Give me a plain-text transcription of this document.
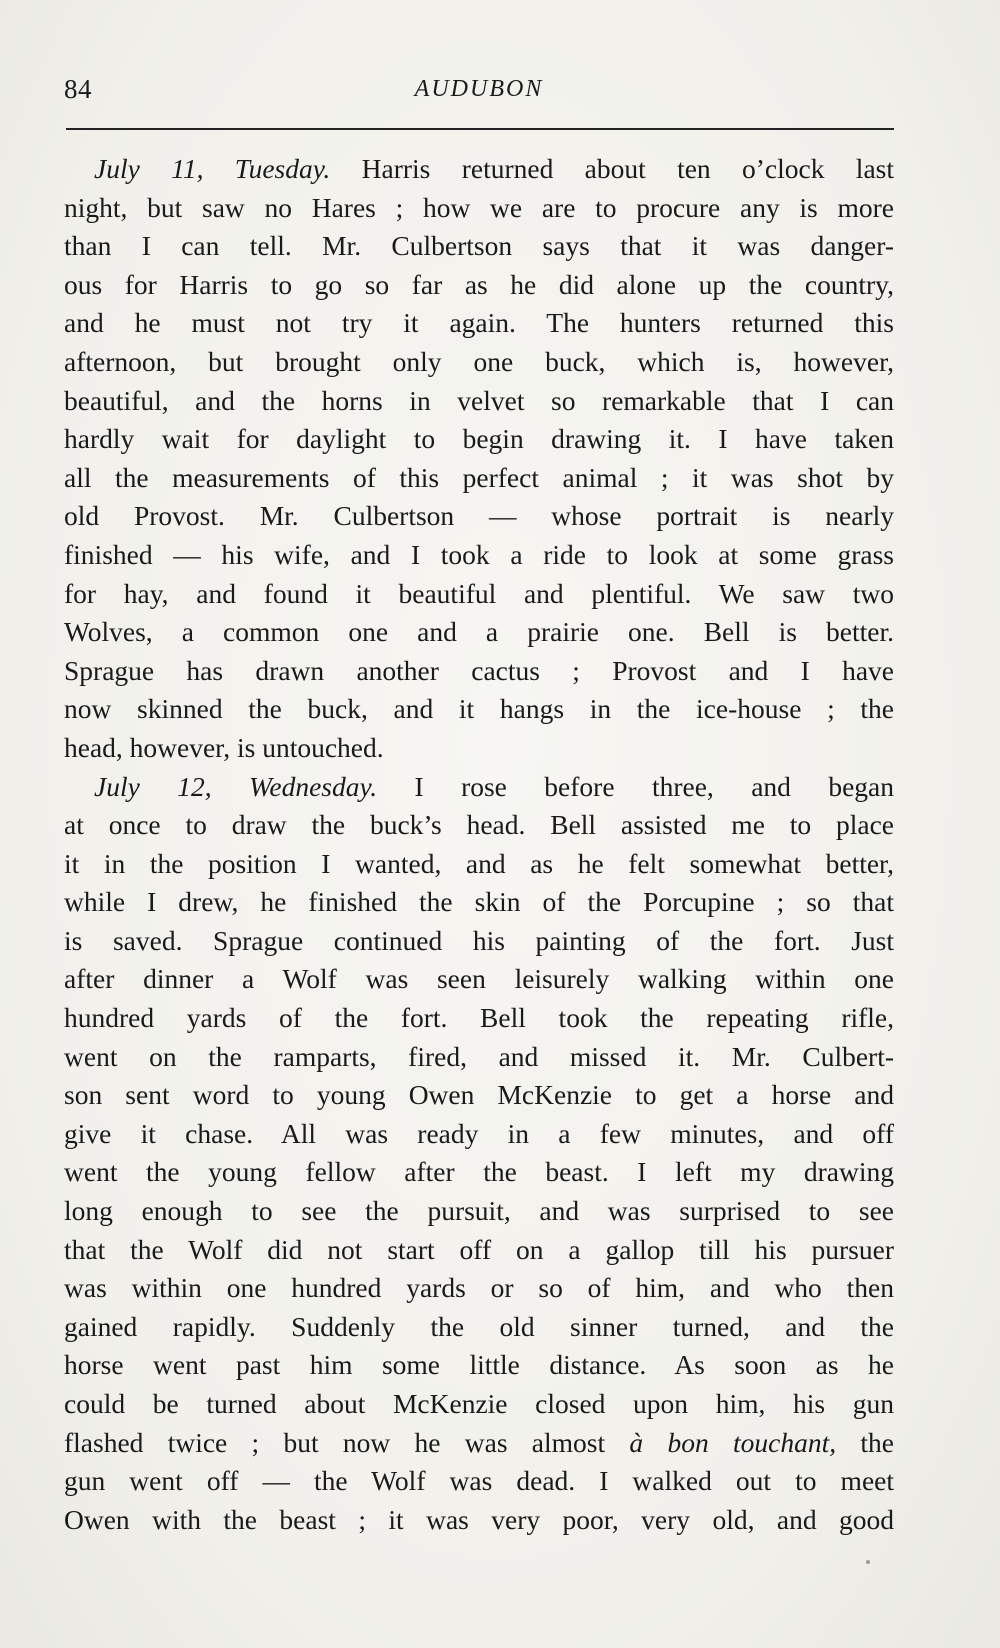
84	AUDUBON
July 11, Tuesday. Harris returned about ten o’clock last
night, but saw no Hares ; how we are to procure any is more
than I can tell. Mr. Culbertson says that it was danger-
ous for Harris to go so far as he did alone up the country,
and he must not try it again. The hunters returned this
afternoon, but brought only one buck, which is, however,
beautiful, and the horns in velvet so remarkable that I can
hardly wait for daylight to begin drawing it. I have taken
all the measurements of this perfect animal ; it was shot by
old Provost. Mr. Culbertson — whose portrait is nearly
finished — his wife, and I took a ride to look at some grass
for hay, and found it beautiful and plentiful. We saw two
Wolves, a common one and a prairie one. Bell is better.
Sprague has drawn another cactus ; Provost and I have
now skinned the buck, and it hangs in the ice-house ; the
head, however, is untouched.
July 12, Wednesday. I rose before three, and began
at once to draw the buck’s head. Bell assisted me to place
it in the position I wanted, and as he felt somewhat better,
while I drew, he finished the skin of the Porcupine ; so that
is saved. Sprague continued his painting of the fort. Just
after dinner a Wolf was seen leisurely walking within one
hundred yards of the fort. Bell took the repeating rifle,
went on the ramparts, fired, and missed it. Mr. Culbert-
son sent word to young Owen McKenzie to get a horse and
give it chase. All was ready in a few minutes, and off
went the young fellow after the beast. I left my drawing
long enough to see the pursuit, and was surprised to see
that the Wolf did not start off on a gallop till his pursuer
was within one hundred yards or so of him, and who then
gained rapidly. Suddenly the old sinner turned, and the
horse went past him some little distance. As soon as he
could be turned about McKenzie closed upon him, his gun
flashed twice ; but now he was almost à bon touchant, the
gun went off — the Wolf was dead. I walked out to meet
Owen with the beast ; it was very poor, very old, and good
